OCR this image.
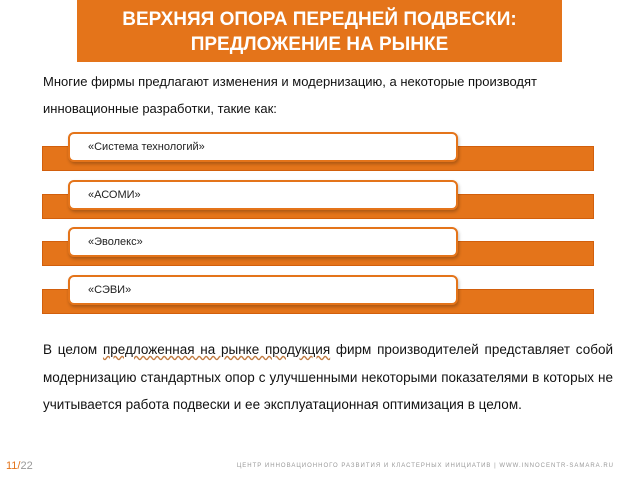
ВЕРХНЯЯ ОПОРА ПЕРЕДНЕЙ ПОДВЕСКИ:
ПРЕДЛОЖЕНИЕ НА РЫНКЕ
Многие фирмы предлагают изменения и модернизацию, а некоторые производят инновационные разработки, такие как:
«Система технологий»
«АСОМИ»
«Эволекс»
«СЭВИ»
В целом предложенная на рынке продукция фирм производителей представляет собой модернизацию стандартных опор с улучшенными некоторыми показателями в которых не учитывается работа подвески и ее эксплуатационная оптимизация в целом.
11/22	ЦЕНТР ИННОВАЦИОННОГО РАЗВИТИЯ И КЛАСТЕРНЫХ ИНИЦИАТИВ | WWW.INNOCENTR-SAMARA.RU
